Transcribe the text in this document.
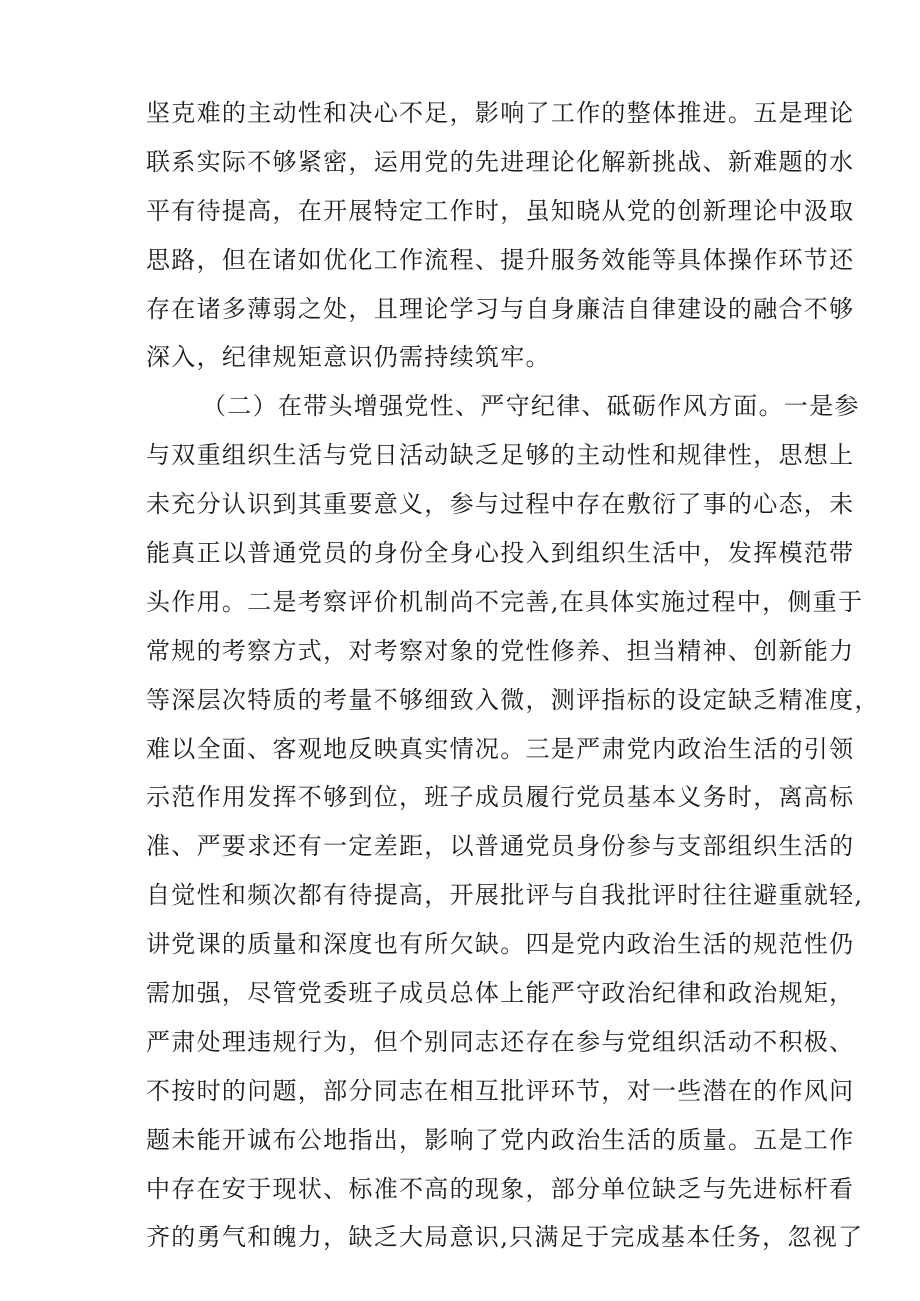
坚克难的主动性和决心不足，影响了工作的整体推进。五是理论
联系实际不够紧密，运用党的先进理论化解新挑战、新难题的水
平有待提高，在开展特定工作时，虽知晓从党的创新理论中汲取
思路，但在诸如优化工作流程、提升服务效能等具体操作环节还
存在诸多薄弱之处，且理论学习与自身廉洁自律建设的融合不够
深入，纪律规矩意识仍需持续筑牢。
（二）在带头增强党性、严守纪律、砥砺作风方面。一是参
与双重组织生活与党日活动缺乏足够的主动性和规律性，思想上
未充分认识到其重要意义，参与过程中存在敷衍了事的心态，未
能真正以普通党员的身份全身心投入到组织生活中，发挥模范带
头作用。二是考察评价机制尚不完善,在具体实施过程中，侧重于
常规的考察方式，对考察对象的党性修养、担当精神、创新能力
等深层次特质的考量不够细致入微，测评指标的设定缺乏精准度，
难以全面、客观地反映真实情况。三是严肃党内政治生活的引领
示范作用发挥不够到位，班子成员履行党员基本义务时，离高标
准、严要求还有一定差距，以普通党员身份参与支部组织生活的
自觉性和频次都有待提高，开展批评与自我批评时往往避重就轻,
讲党课的质量和深度也有所欠缺。四是党内政治生活的规范性仍
需加强，尽管党委班子成员总体上能严守政治纪律和政治规矩，
严肃处理违规行为，但个别同志还存在参与党组织活动不积极、
不按时的问题，部分同志在相互批评环节，对一些潜在的作风问
题未能开诚布公地指出，影响了党内政治生活的质量。五是工作
中存在安于现状、标准不高的现象，部分单位缺乏与先进标杆看
齐的勇气和魄力，缺乏大局意识,只满足于完成基本任务，忽视了
